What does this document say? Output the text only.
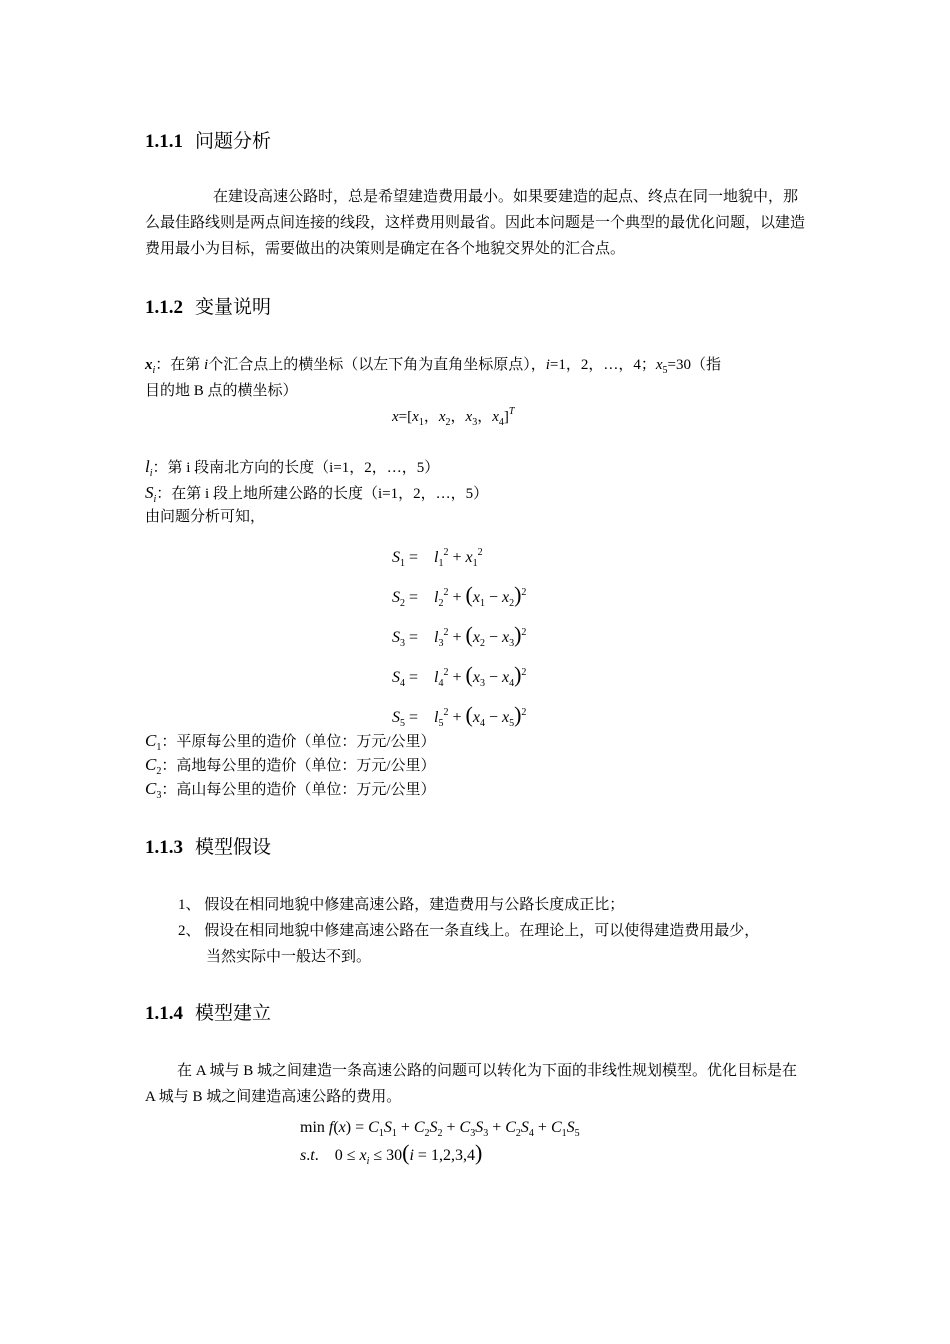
1.1.1 问题分析
在建设高速公路时，总是希望建造费用最小。如果要建造的起点、终点在同一地貌中，那么最佳路线则是两点间连接的线段，这样费用则最省。因此本问题是一个典型的最优化问题，以建造费用最小为目标，需要做出的决策则是确定在各个地貌交界处的汇合点。
1.1.2 变量说明
$x_i$：在第 i个汇合点上的横坐标（以左下角为直角坐标原点），i=1，2，…，4；$x_5=30$（指
目的地 B 点的横坐标）
$x=[x_1$，$x_2$，$x_3$，$x_4]^T$
$l_i$：第 i 段南北方向的长度（i=1，2，…，5）
$S_i$：在第 i 段上地所建公路的长度（i=1，2，…，5）
由问题分析可知，
$S_1$ =    $l_1^2 + x_1^2$
$S_2$ =    $l_2^2 + (x_1 - x_2)^2$
$S_3$ =    $l_3^2 + (x_2 - x_3)^2$
$S_4$ =    $l_4^2 + (x_3 - x_4)^2$
$S_5$ =    $l_5^2 + (x_4 - x_5)^2$
$C_1$：平原每公里的造价（单位：万元/公里）
$C_2$：高地每公里的造价（单位：万元/公里）
$C_3$：高山每公里的造价（单位：万元/公里）
1.1.3 模型假设
1、 假设在相同地貌中修建高速公路，建造费用与公路长度成正比；
2、 假设在相同地貌中修建高速公路在一条直线上。在理论上，可以使得建造费用最少，
当然实际中一般达不到。
1.1.4 模型建立
在 A 城与 B 城之间建造一条高速公路的问题可以转化为下面的非线性规划模型。优化目标是在 A 城与 B 城之间建造高速公路的费用。
$\min f(x) = C_1S_1 + C_2S_2 + C_3S_3 + C_2S_4 + C_1S_5$
s.t.    $0 \le x_i \le 30(i = 1,2,3,4)$
